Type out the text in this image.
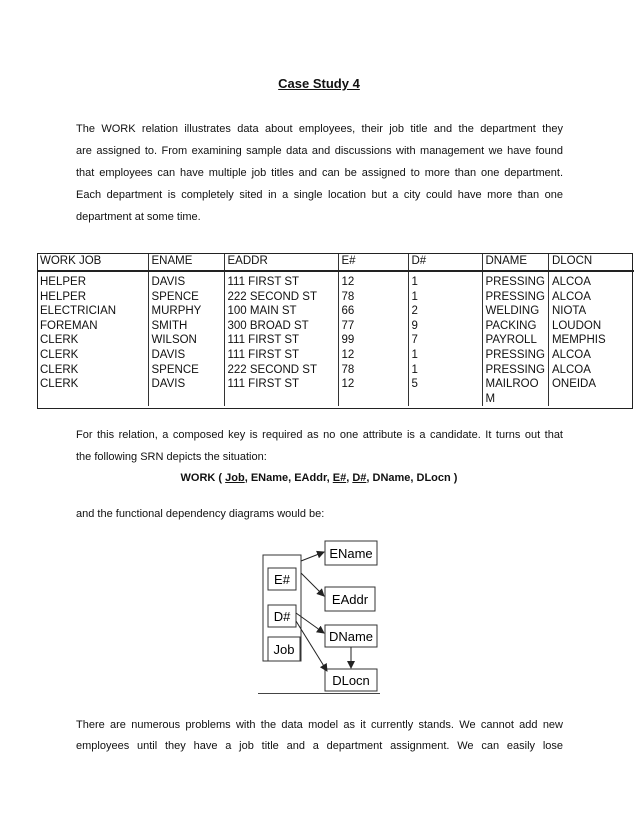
Case Study 4
The WORK relation illustrates data about employees, their job title and the department they
are assigned to. From examining sample data and discussions with management we have found
that employees can have multiple job titles and can be assigned to more than one department.
Each department is completely sited in a single location but a city could have more than one
department at some time.
WORK JOB	ENAME	EADDR	E#	D#	DNAME	DLOCN

HELPER	DAVIS	111 FIRST ST	12	1	PRESSING	ALCOA
HELPER	SPENCE	222 SECOND ST	78	1	PRESSING	ALCOA
ELECTRICIAN	MURPHY	100 MAIN ST	66	2	WELDING	NIOTA
FOREMAN	SMITH	300 BROAD ST	77	9	PACKING	LOUDON
CLERK	WILSON	111 FIRST ST	99	7	PAYROLL	MEMPHIS
CLERK	DAVIS	111 FIRST ST	12	1	PRESSING	ALCOA
CLERK	SPENCE	222 SECOND ST	78	1	PRESSING	ALCOA
CLERK	DAVIS	111 FIRST ST	12	5	MAILROO M	ONEIDA
For this relation, a composed key is required as no one attribute is a candidate. It turns out that
the following SRN depicts the situation:
WORK ( Job, EName, EAddr, E#, D#, DName, DLocn )
and the functional dependency diagrams would be:
E#
D#
Job
EName
EAddr
DName
DLocn
There are numerous problems with the data model as it currently stands. We cannot add new
employees until they have a job title and a department assignment. We can easily lose
